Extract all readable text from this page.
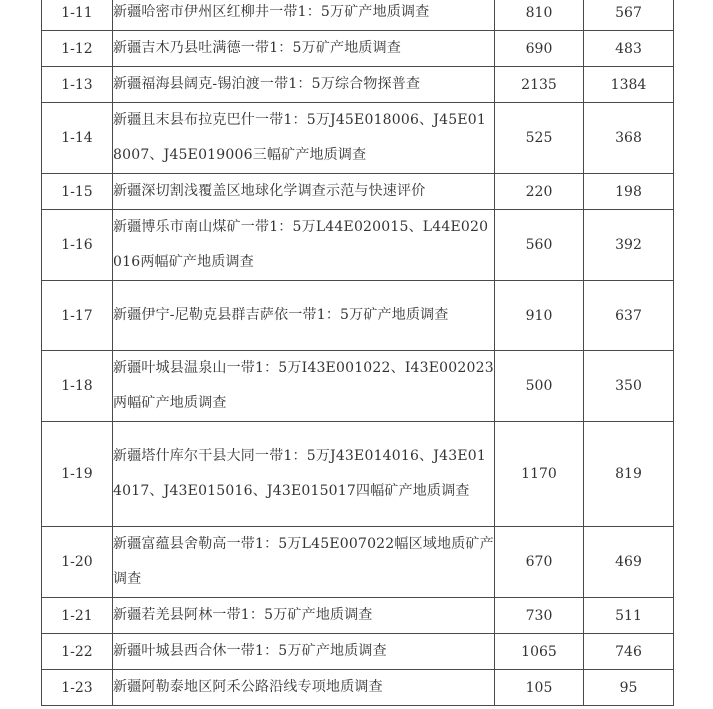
1-11	新疆哈密市伊州区红柳井一带1：5万矿产地质调查	810	567
1-12	新疆吉木乃县吐满德一带1：5万矿产地质调查	690	483
1-13	新疆福海县阔克-锡泊渡一带1：5万综合物探普查	2135	1384
1-14	新疆且末县布拉克巴什一带1：5万J45E018006、J45E018007、J45E019006三幅矿产地质调查	525	368
1-15	新疆深切割浅覆盖区地球化学调查示范与快速评价	220	198
1-16	新疆博乐市南山煤矿一带1：5万L44E020015、L44E020016两幅矿产地质调查	560	392
1-17	新疆伊宁-尼勒克县群吉萨依一带1：5万矿产地质调查	910	637
1-18	新疆叶城县温泉山一带1：5万I43E001022、I43E002023两幅矿产地质调查	500	350
1-19	新疆塔什库尔干县大同一带1：5万J43E014016、J43E014017、J43E015016、J43E015017四幅矿产地质调查	1170	819
1-20	新疆富蕴县舍勒高一带1：5万L45E007022幅区域地质矿产调查	670	469
1-21	新疆若羌县阿林一带1：5万矿产地质调查	730	511
1-22	新疆叶城县西合休一带1：5万矿产地质调查	1065	746
1-23	新疆阿勒泰地区阿禾公路沿线专项地质调查	105	95
